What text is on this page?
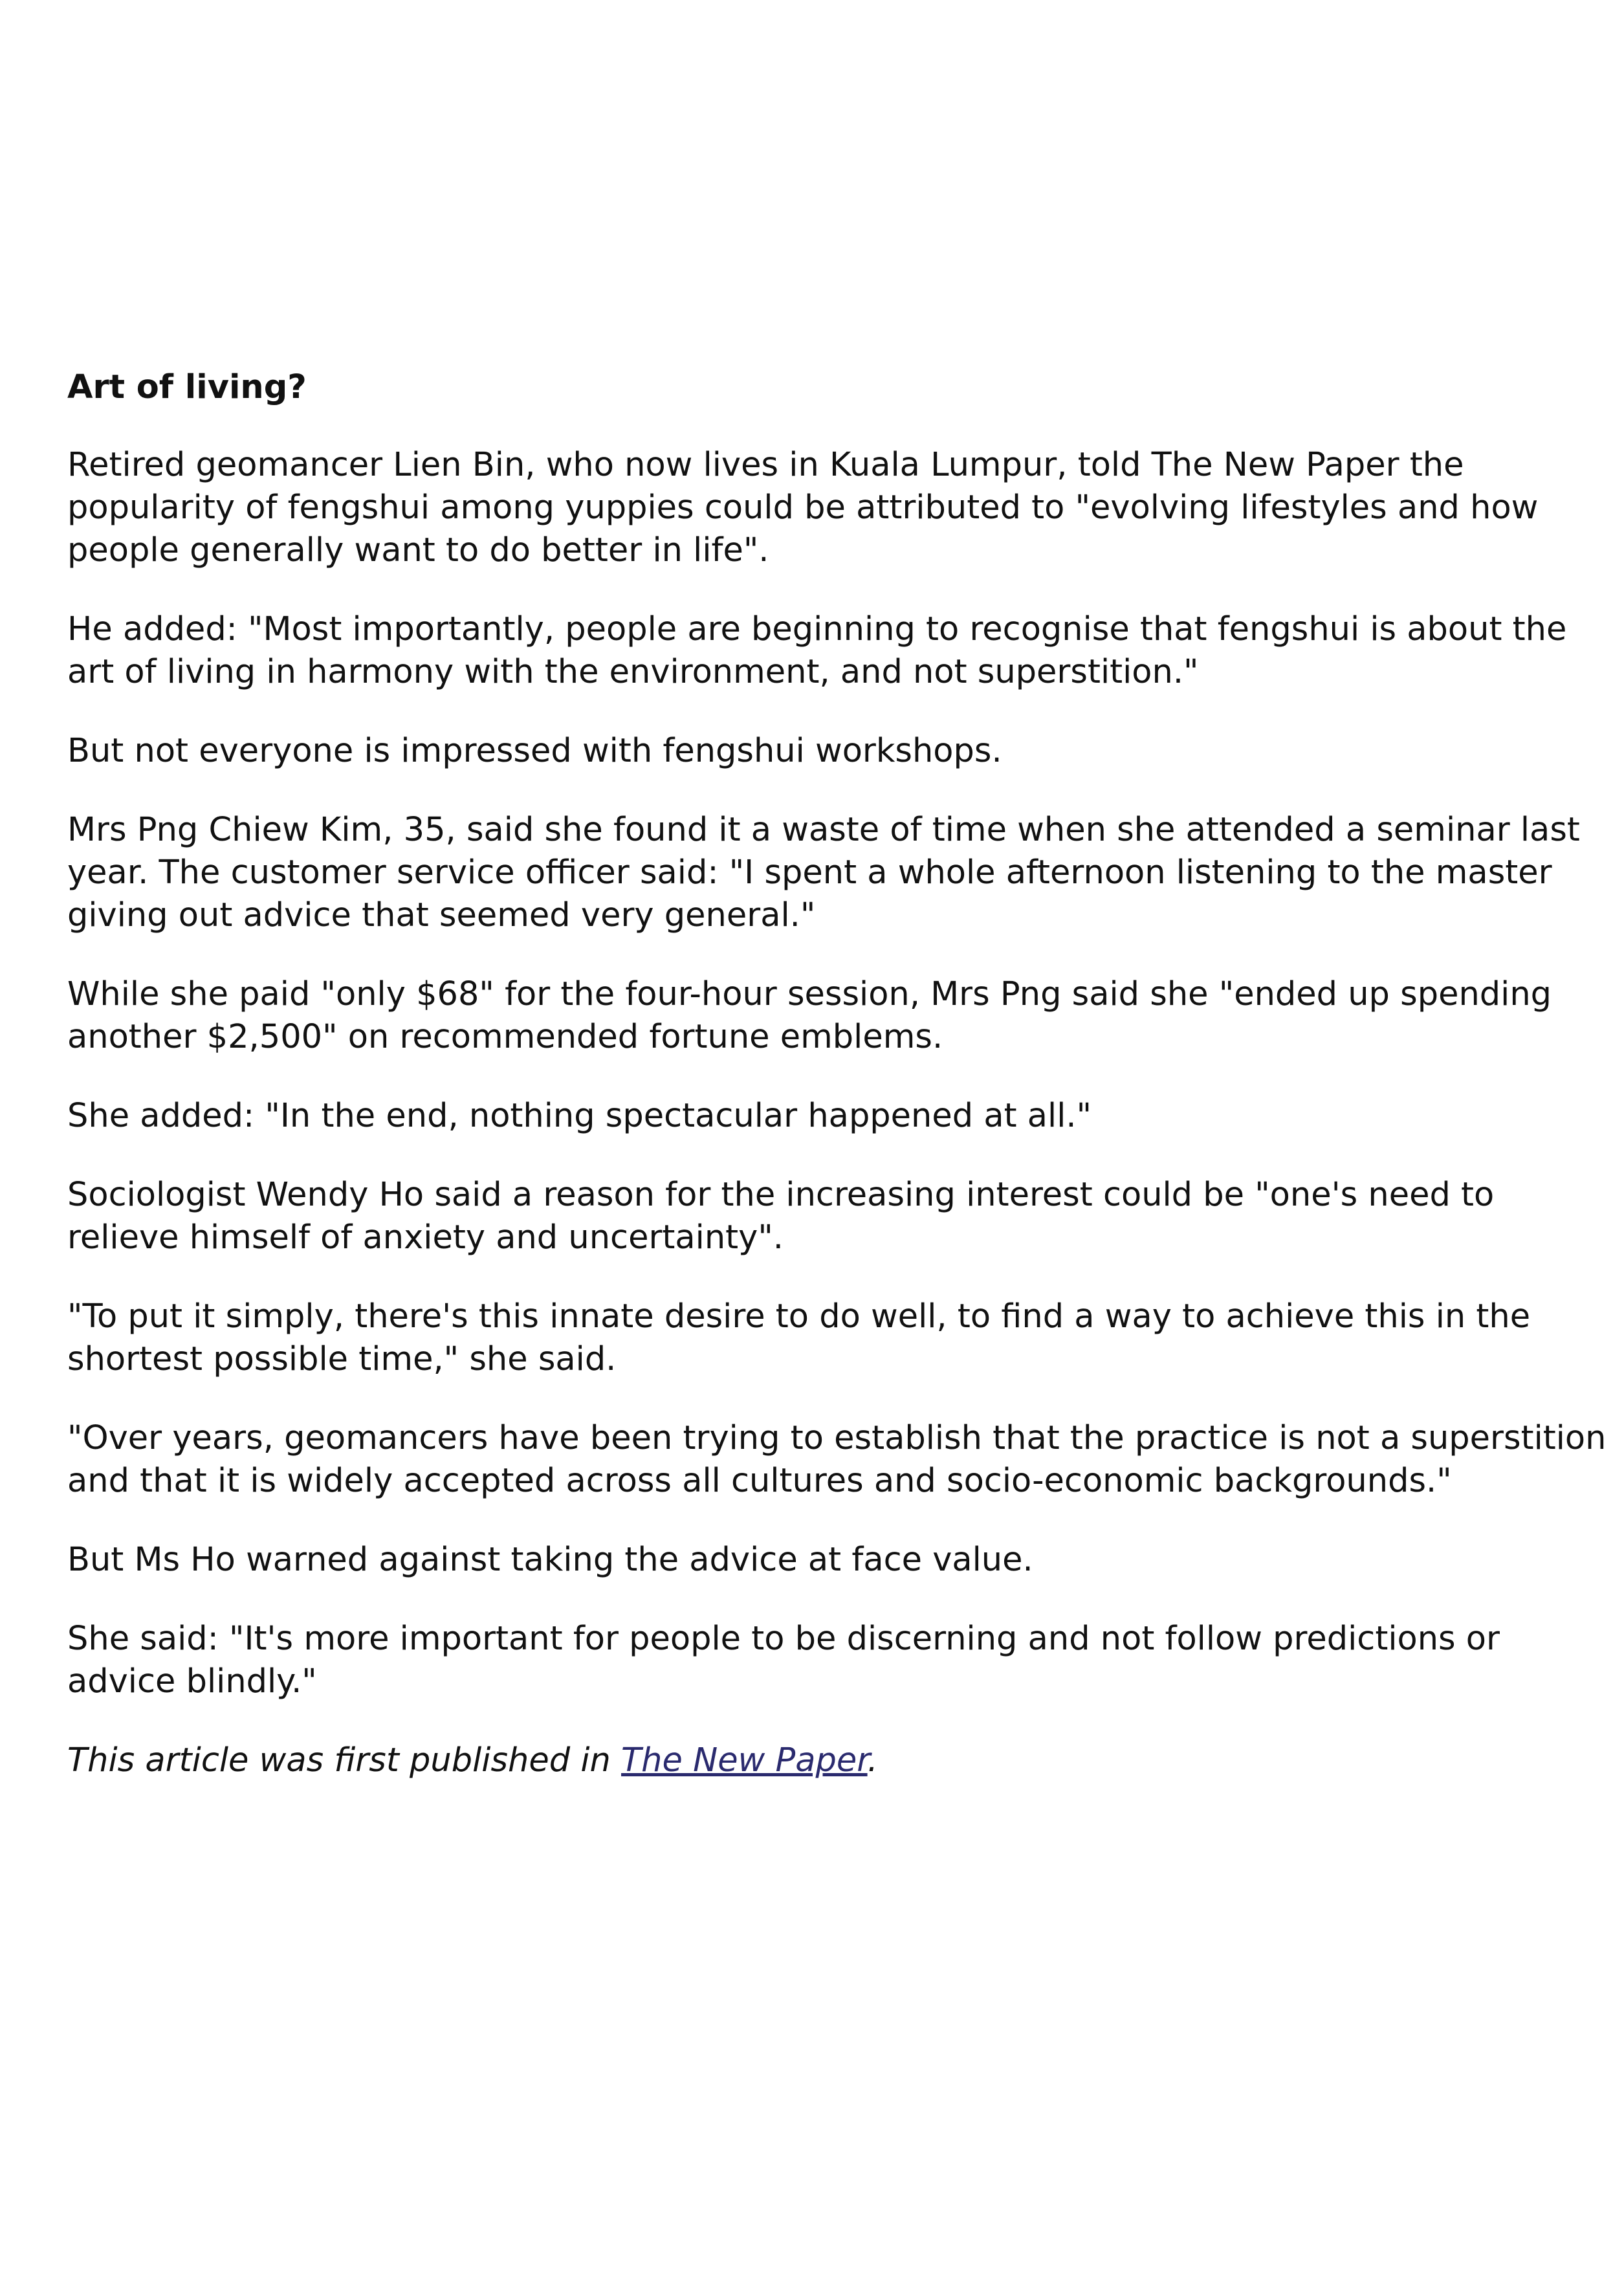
Art of living?

Retired geomancer Lien Bin, who now lives in Kuala Lumpur, told The New Paper the popularity of fengshui among yuppies could be attributed to "evolving lifestyles and how people generally want to do better in life".

He added: "Most importantly, people are beginning to recognise that fengshui is about the art of living in harmony with the environment, and not superstition."

But not everyone is impressed with fengshui workshops.

Mrs Png Chiew Kim, 35, said she found it a waste of time when she attended a seminar last year. The customer service officer said: "I spent a whole afternoon listening to the master giving out advice that seemed very general."

While she paid "only $68" for the four-hour session, Mrs Png said she "ended up spending another $2,500" on recommended fortune emblems.

She added: "In the end, nothing spectacular happened at all."

Sociologist Wendy Ho said a reason for the increasing interest could be "one's need to relieve himself of anxiety and uncertainty".

"To put it simply, there's this innate desire to do well, to find a way to achieve this in the shortest possible time," she said.

"Over years, geomancers have been trying to establish that the practice is not a superstition and that it is widely accepted across all cultures and socio-economic backgrounds."

But Ms Ho warned against taking the advice at face value.

She said: "It's more important for people to be discerning and not follow predictions or advice blindly."

This article was first published in The New Paper.
